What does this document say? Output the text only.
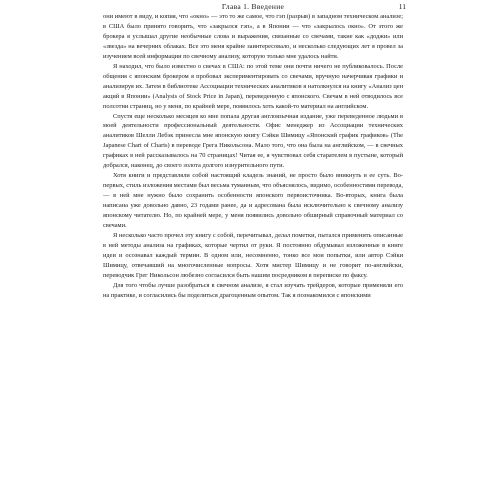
Глава 1. Введение	11

они имеют в виду, и копия, что «окно» — это то же самое, что гэп (разрыв) в западном техническом анализе; в США было принято говорить, что «закрылся гэп», а в Японии — что «закрылось окно». От этого же брокера я услышал другие необычные слова и выражения, связанные со свечами, такие как «доджи» или «звезда» на вечерних облаках. Все это меня крайне заинтересовало, и несколько следующих лет я провел за изучением всей информации по свечному анализу, которую только мне удалось найти.

Я находил, что было известно о свечах в США: по этой теме они почти ничего не публиковалось. После общения с японским брокером я пробовал экспериментировать со свечами, вручную начерчивая графики и анализируя их. Затем в библиотеке Ассоциации технических аналитиков я натолкнулся на книгу «Анализ цен акций в Японии» (Analysis of Stock Price in Japan), переведенную с японского. Свечам в ней отводилось все полсотни страниц, но у меня, по крайней мере, появилось хоть какой-то материал на английском.

Спустя еще несколько месяцев ко мне попала другая англоязычная издание, уже переведенное людьми в моей деятельности профессиональный деятельности. Офис менеджер из Ассоциации технических аналитиков Шелли Лебэк принесла мне японскую книгу Сэйки Шимицу «Японский график графиков» (The Japanese Chart of Charts) в переводе Грега Никольсона. Мало того, что она была на английском, — в свечных графиках в ней рассказывалось на 70 страницах! Читая ее, я чувствовал себя старателем в пустыне, который добрался, наконец, до своего золота долгого изнурительного пути.

Хотя книги и представляли собой настоящий кладезь знаний, не просто было вникнуть в ее суть. Во-первых, стиль изложения местами был весьма туманным, что объяснялось, видимо, особенностями перевода, — в ней мне нужно было сохранить особенности японского первоисточника. Во-вторых, книга была написана уже довольно давно, 23 годами ранее, да и адресована была исключительно к свечному анализу японскому читателю. Но, по крайней мере, у меня появились довольно обширный справочный материал со свечами.

Я несколько часто прочел эту книгу с собой, перечитывал, делал пометки, пытался применить описанные в ней методы анализа на графиках, которые чертил от руки. Я постоянно обдумывал изложенные в книге идеи и осознавал каждый термин. В одном или, несомненно, тонко все мои попытки, или автор Сэйки Шимицу, отвечавший на многочисленные вопросы. Хотя мистер Шимицу и не говорит по-английски, переводчик Грег Никольсон любезно согласился быть нашим посредником в переписке по факсу.

Для того чтобы лучше разобраться в свечном анализе, я стал изучать трейдеров, которые применяли его на практике, и согласились бы поделиться драгоценным опытом. Так я познакомился с японскими
